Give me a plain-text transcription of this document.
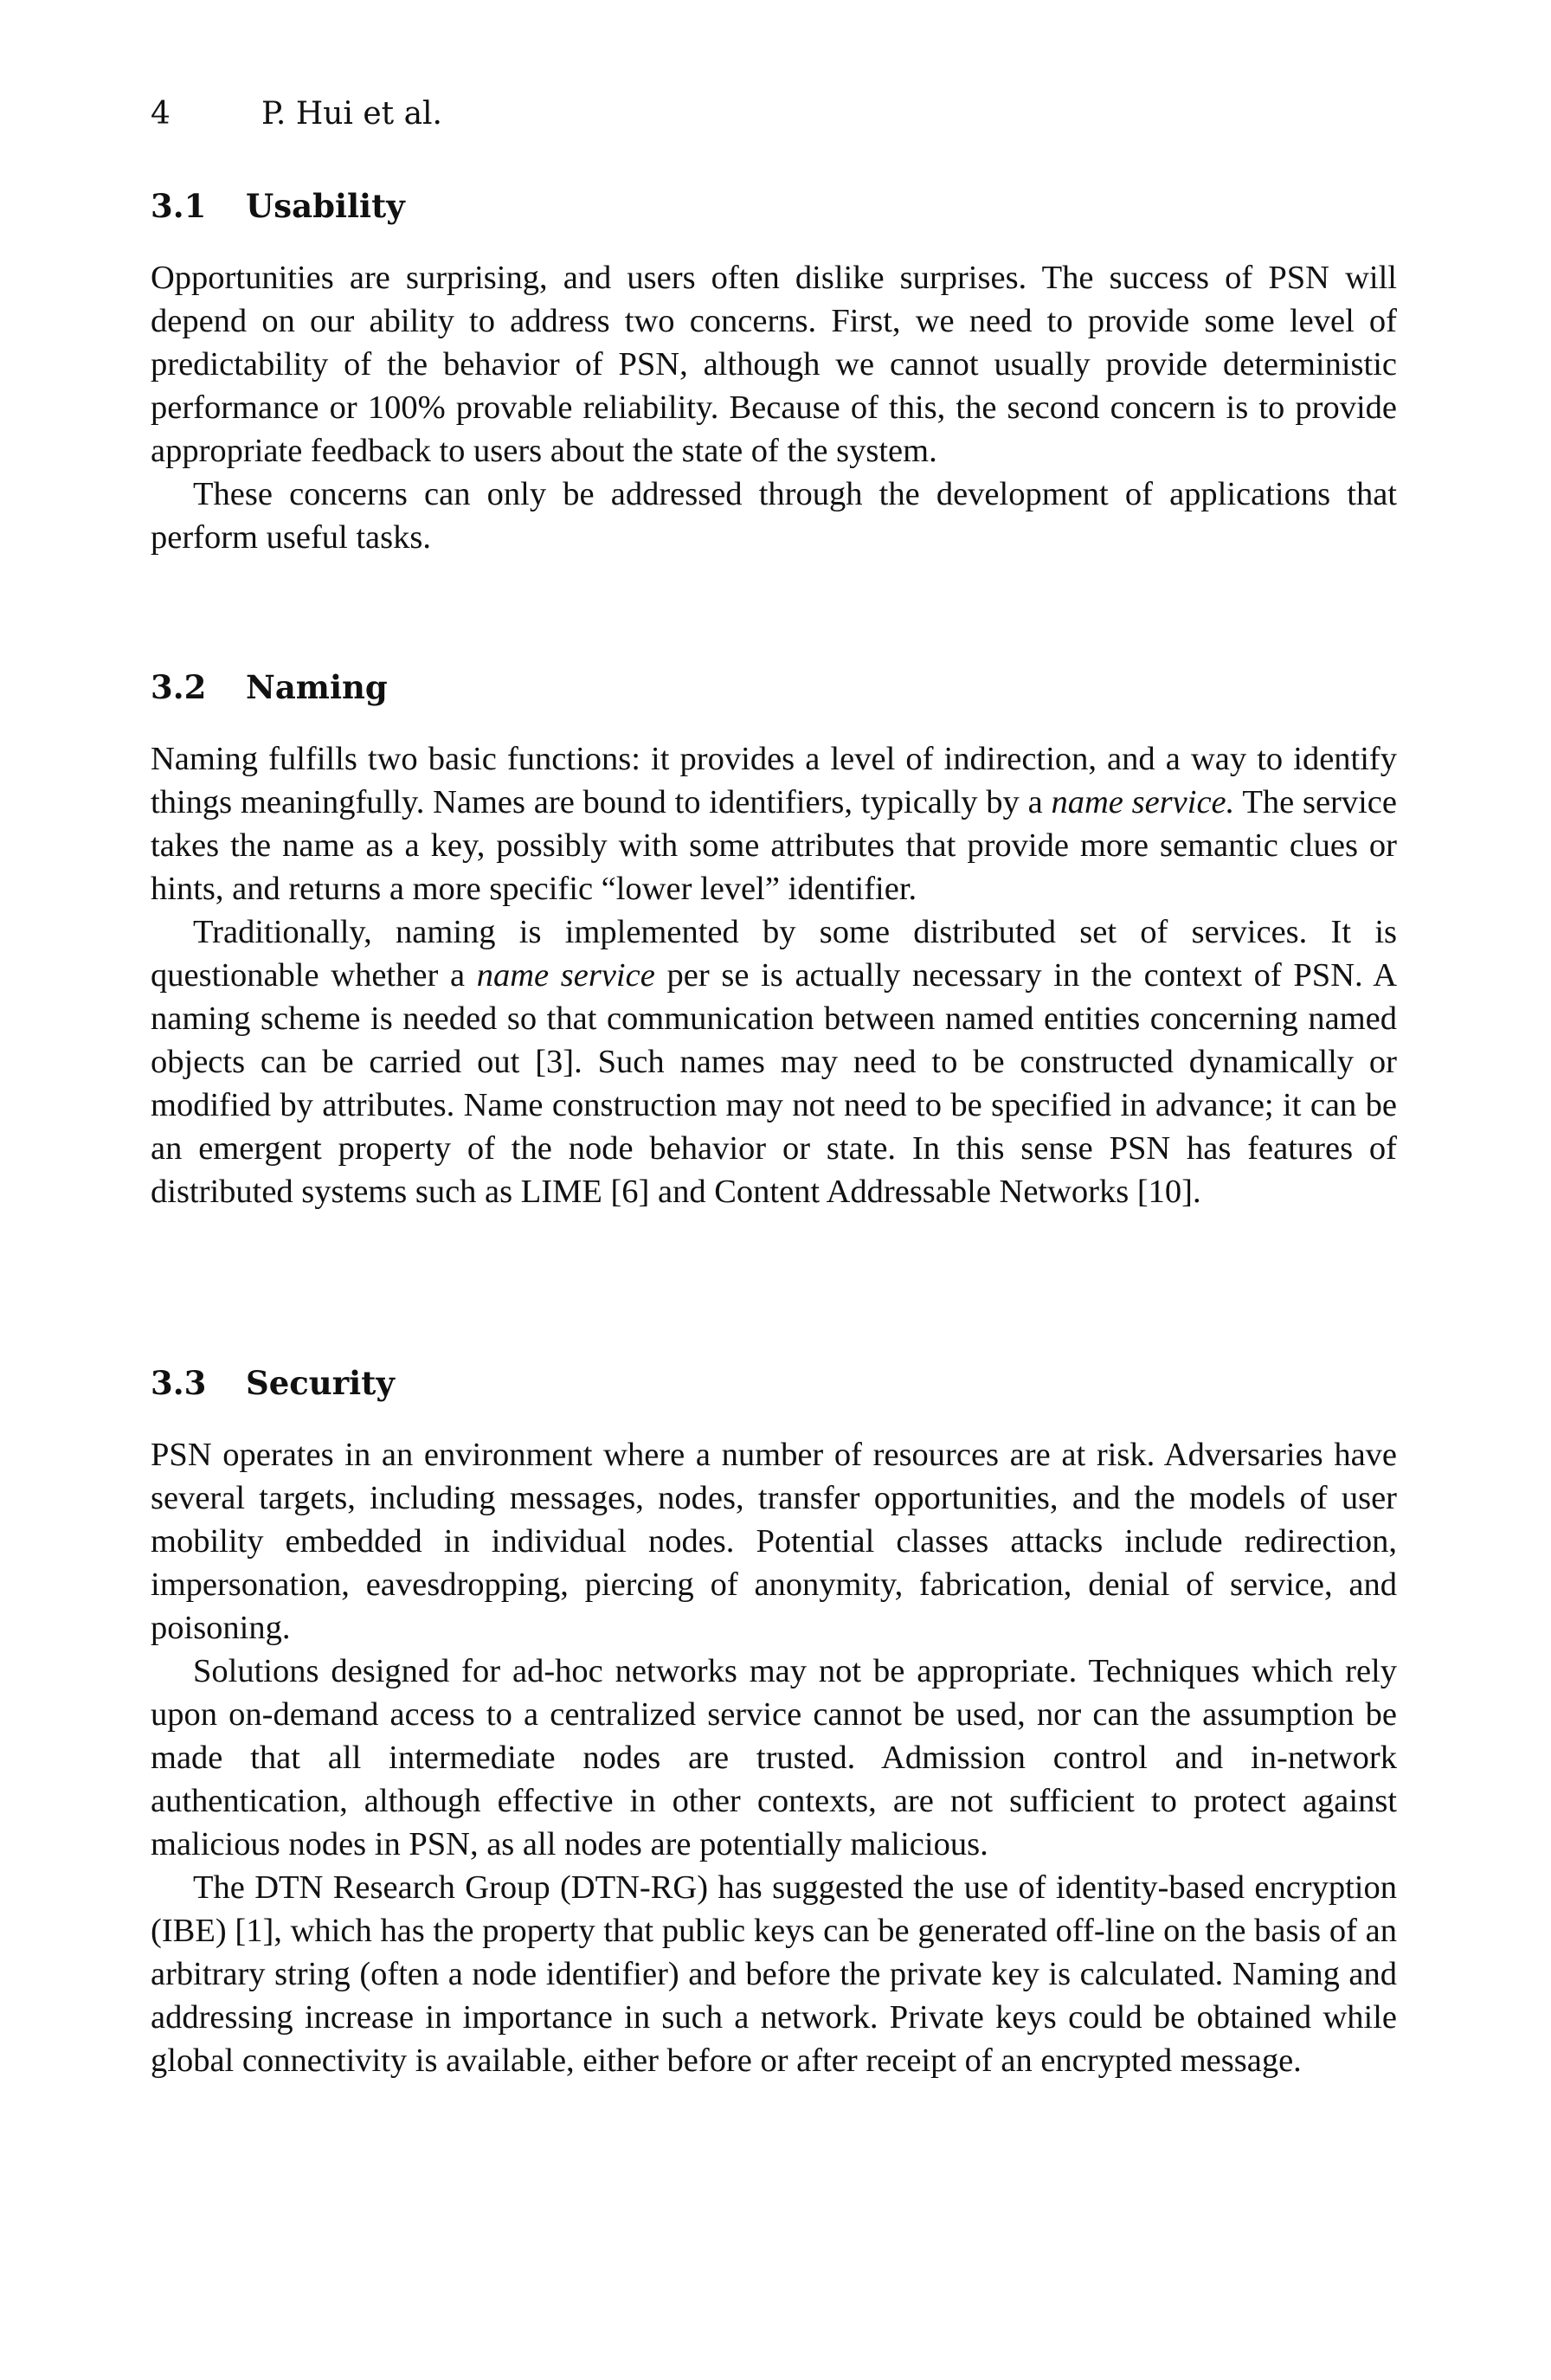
4	P. Hui et al.
3.1 Usability

Opportunities are surprising, and users often dislike surprises. The success of PSN will depend on our ability to address two concerns. First, we need to provide some level of predictability of the behavior of PSN, although we cannot usually provide deterministic performance or 100% provable reliability. Because of this, the second concern is to provide appropriate feedback to users about the state of the system.

These concerns can only be addressed through the development of applications that perform useful tasks.

3.2 Naming

Naming fulfills two basic functions: it provides a level of indirection, and a way to identify things meaningfully. Names are bound to identifiers, typically by a name service. The service takes the name as a key, possibly with some attributes that provide more semantic clues or hints, and returns a more specific “lower level” identifier.

Traditionally, naming is implemented by some distributed set of services. It is questionable whether a name service per se is actually necessary in the context of PSN. A naming scheme is needed so that communication between named entities concerning named objects can be carried out [3]. Such names may need to be constructed dynamically or modified by attributes. Name construction may not need to be specified in advance; it can be an emergent property of the node behavior or state. In this sense PSN has features of distributed systems such as LIME [6] and Content Addressable Networks [10].

3.3 Security

PSN operates in an environment where a number of resources are at risk. Adversaries have several targets, including messages, nodes, transfer opportunities, and the models of user mobility embedded in individual nodes. Potential classes attacks include redirection, impersonation, eavesdropping, piercing of anonymity, fabrication, denial of service, and poisoning.

Solutions designed for ad-hoc networks may not be appropriate. Techniques which rely upon on-demand access to a centralized service cannot be used, nor can the assumption be made that all intermediate nodes are trusted. Admission control and in-network authentication, although effective in other contexts, are not sufficient to protect against malicious nodes in PSN, as all nodes are potentially malicious.

The DTN Research Group (DTN-RG) has suggested the use of identity-based encryption (IBE) [1], which has the property that public keys can be generated off-line on the basis of an arbitrary string (often a node identifier) and before the private key is calculated. Naming and addressing increase in importance in such a network. Private keys could be obtained while global connectivity is available, either before or after receipt of an encrypted message.
